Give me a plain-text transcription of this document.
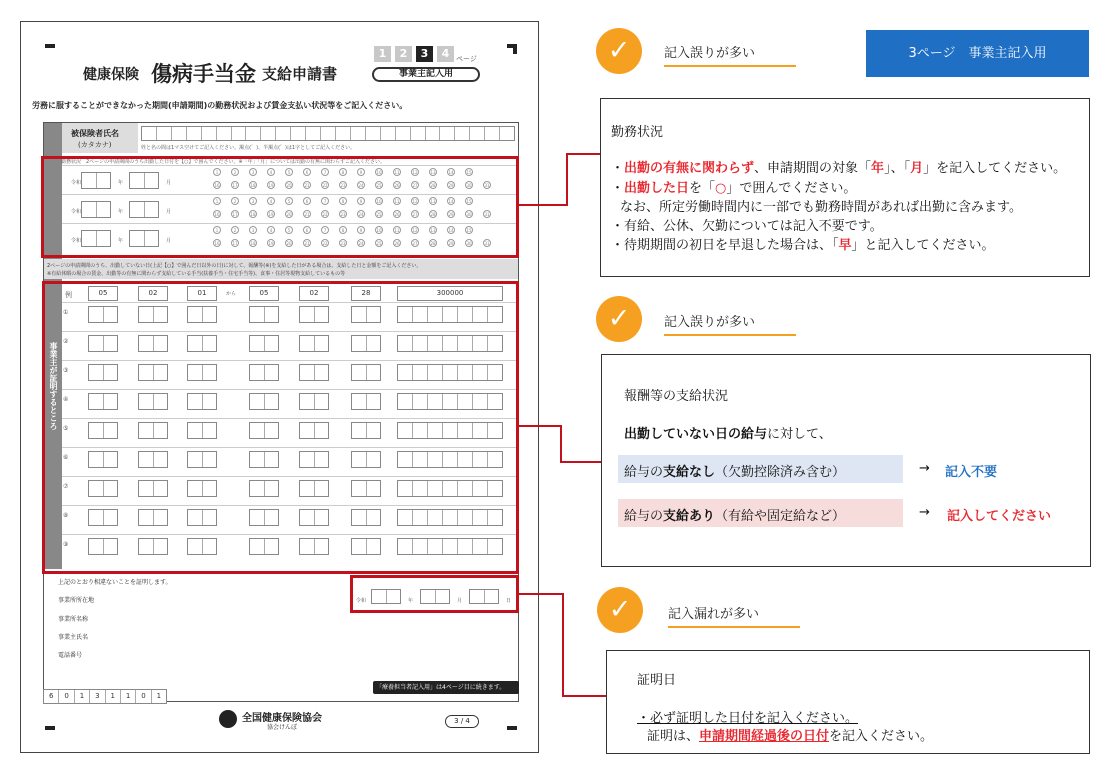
健康保険 傷病手当金 支給申請書
1	2	3	4 ページ
事業主記入用
労務に服することができなかった期間(申請期間)の勤務状況および賃金支払い状況等をご記入ください。
事業主が証明するところ
被保険者氏名
(カタカナ)	姓と名の間は1マス空けてご記入ください。濁点(゛)、半濁点(゜)は1字としてご記入ください。
勤務状況　2ページの申請期間のうち出勤した日付を【○】で囲んでください。※「年」「月」については出勤の有無に関わらずご記入ください。
令和	年	月
1	2	3	4	5	6	7	8	9	10	11	12	13	14	15
16	17	18	19	20	21	22	23	24	25	26	27	28	29	30	31
令和	年	月
1	2	3	4	5	6	7	8	9	10	11	12	13	14	15
16	17	18	19	20	21	22	23	24	25	26	27	28	29	30	31
令和	年	月
1	2	3	4	5	6	7	8	9	10	11	12	13	14	15
16	17	18	19	20	21	22	23	24	25	26	27	28	29	30	31
2ページの申請期間のうち、出勤していない日(上記【○】で囲んだ日以外の日)に対して、報酬等(※)を支給した日がある場合は、支給した日と金額をご記入ください。
※有給休暇の場合の賃金、出勤等の有無に関わらず支給している手当(扶養手当・住宅手当等)、食事・住居等現物支給しているもの等
例	05	02	01	から	05	02	28	300000
①
②
③
④
⑤
⑥
⑦
⑧
⑨
上記のとおり相違ないことを証明します。
令和	年	月	日
事業所所在地
事業所名称
事業主氏名
電話番号
「療養担当者記入用」は4ページ目に続きます。
6	0	1	3	1	1	0	1
全国健康保険協会
協会けんぽ
3 / 4
✓	記入誤りが多い	3ページ　事業主記入用
勤務状況
・出勤の有無に関わらず、申請期間の対象「年」、「月」を記入してください。
・出勤した日を「○」で囲んでください。
なお、所定労働時間内に一部でも勤務時間があれば出勤に含みます。
・有給、公休、欠勤については記入不要です。
・待期期間の初日を早退した場合は、「早」と記入してください。
✓	記入誤りが多い
報酬等の支給状況
出勤していない日の給与に対して、
給与の支給なし（欠勤控除済み含む）	→ 記入不要
給与の支給あり（有給や固定給など）	→ 記入してください
✓	記入漏れが多い
証明日
・必ず証明した日付を記入ください。
証明は、申請期間経過後の日付を記入ください。
